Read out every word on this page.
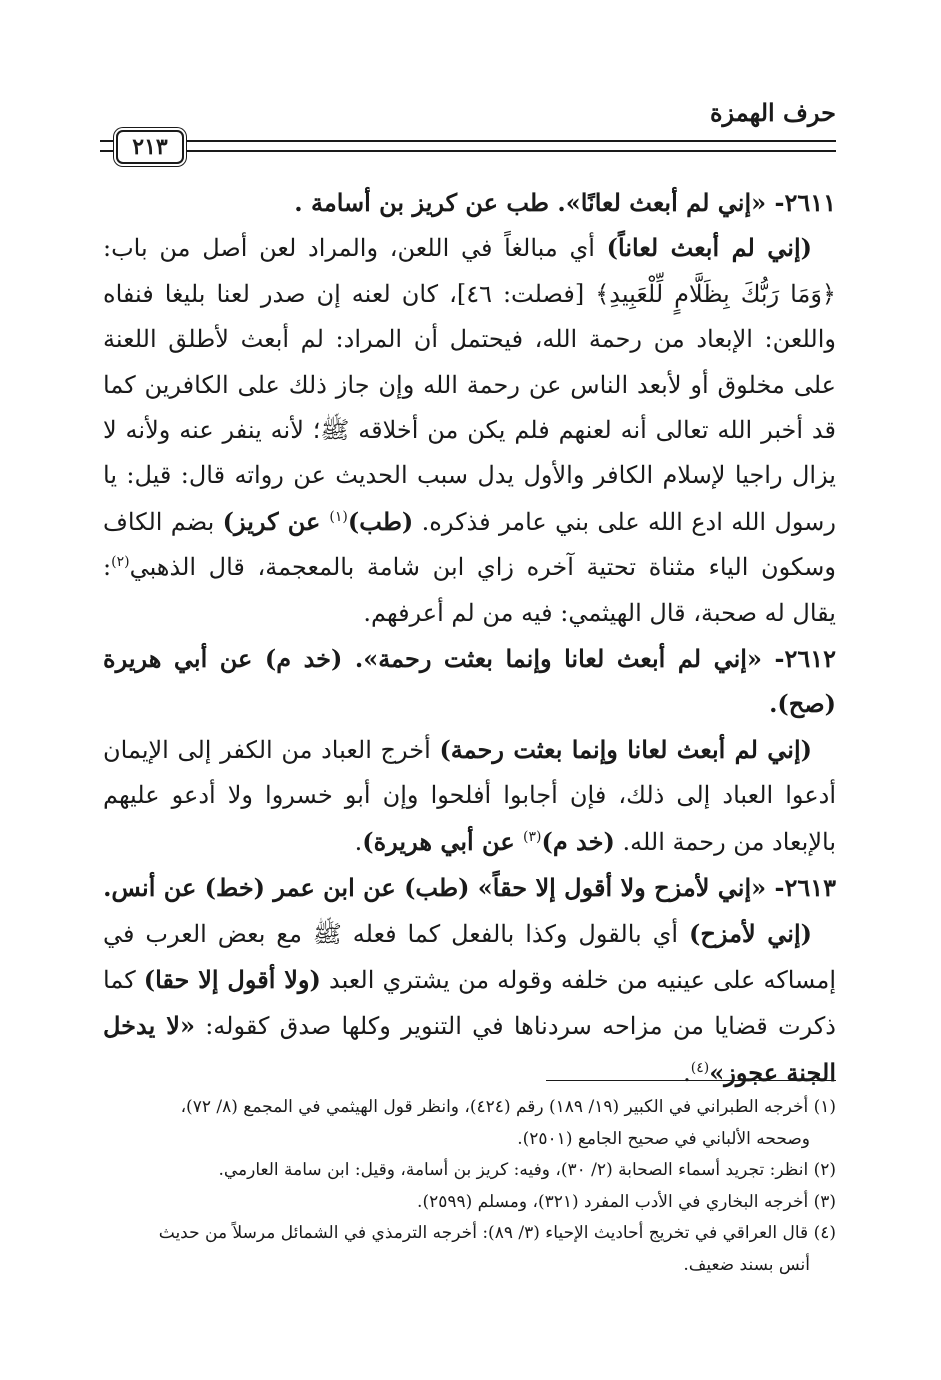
حرف الهمزة
٢١٣

٢٦١١- «إني لم أبعث لعانًا». طب عن كريز بن أسامة .

 (إني لم أبعث لعاناً) أي مبالغاً في اللعن، والمراد لعن أصل من باب: ﴿وَمَا رَبُّكَ بِظَلَّامٍ لِّلْعَبِيدِ﴾ [فصلت: ٤٦]، كان لعنه إن صدر لعنا بليغا فنفاه واللعن: الإبعاد من رحمة الله، فيحتمل أن المراد: لم أبعث لأطلق اللعنة على مخلوق أو لأبعد الناس عن رحمة الله وإن جاز ذلك على الكافرين كما قد أخبر الله تعالى أنه لعنهم فلم يكن من أخلاقه ﷺ؛ لأنه ينفر عنه ولأنه لا يزال راجيا لإسلام الكافر والأول يدل سبب الحديث عن رواته قال: قيل: يا رسول الله ادع الله على بني عامر فذكره. (طب)$^{(١)}$ عن كريز) بضم الكاف وسكون الياء مثناة تحتية آخره زاي ابن شامة بالمعجمة، قال الذهبي$^{(٢)}$: يقال له صحبة، قال الهيثمي: فيه من لم أعرفهم.

٢٦١٢- «إني لم أبعث لعانا وإنما بعثت رحمة». (خد م) عن أبي هريرة (صح).

 (إني لم أبعث لعانا وإنما بعثت رحمة) أخرج العباد من الكفر إلى الإيمان أدعوا العباد إلى ذلك، فإن أجابوا أفلحوا وإن أبو خسروا ولا أدعو عليهم بالإبعاد من رحمة الله. (خد م)$^{(٣)}$ عن أبي هريرة).

٢٦١٣- «إني لأمزح ولا أقول إلا حقاً» (طب) عن ابن عمر (خط) عن أنس.

 (إني لأمزح) أي بالقول وكذا بالفعل كما فعله ﷺ مع بعض العرب في إمساكه على عينيه من خلفه وقوله من يشتري العبد (ولا أقول إلا حقا) كما ذكرت قضايا من مزاحه سردناها في التنوير وكلها صدق كقوله: «لا يدخل الجنة عجوز»$^{(٤)}$.

(١) أخرجه الطبراني في الكبير (١٩/ ١٨٩) رقم (٤٢٤)، وانظر قول الهيثمي في المجمع (٨/ ٧٢)،

وصححه الألباني في صحيح الجامع (٢٥٠١).

(٢) انظر: تجريد أسماء الصحابة (٢/ ٣٠)، وفيه: كريز بن أسامة، وقيل: ابن سامة العارمي.

(٣) أخرجه البخاري في الأدب المفرد (٣٢١)، ومسلم (٢٥٩٩).

(٤) قال العراقي في تخريج أحاديث الإحياء (٣/ ٨٩): أخرجه الترمذي في الشمائل مرسلاً من حديث

أنس بسند ضعيف.
